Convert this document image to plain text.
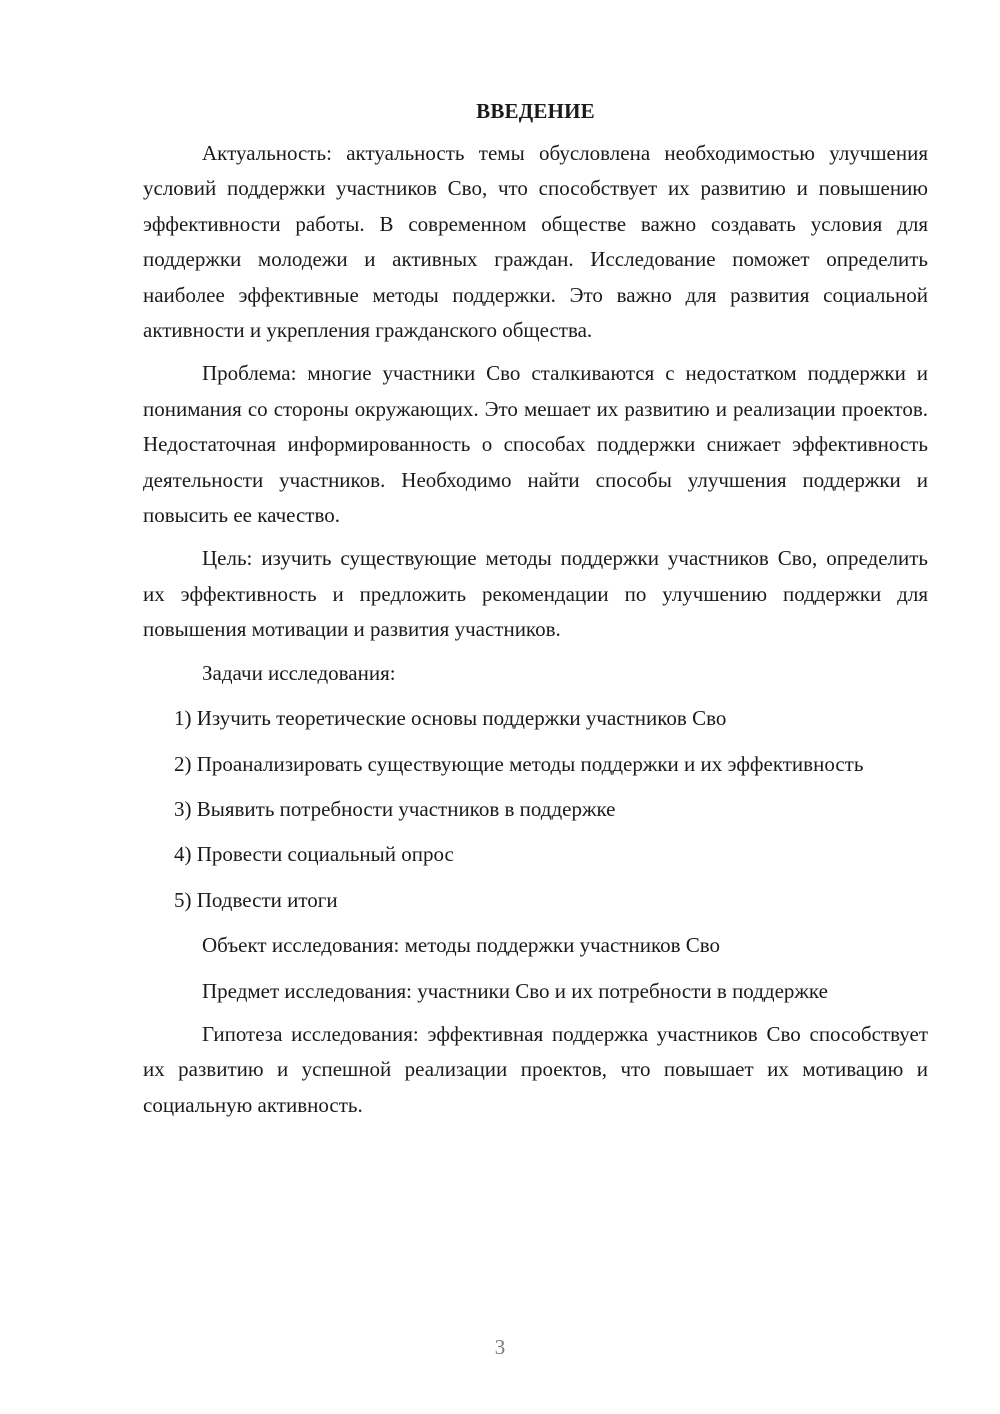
ВВЕДЕНИЕ

Актуальность: актуальность темы обусловлена необходимостью улучшения условий поддержки участников Сво, что способствует их развитию и повышению эффективности работы. В современном обществе важно создавать условия для поддержки молодежи и активных граждан. Исследование поможет определить наиболее эффективные методы поддержки. Это важно для развития социальной активности и укрепления гражданского общества.

Проблема: многие участники Сво сталкиваются с недостатком поддержки и понимания со стороны окружающих. Это мешает их развитию и реализации проектов. Недостаточная информированность о способах поддержки снижает эффективность деятельности участников. Необходимо найти способы улучшения поддержки и повысить ее качество.

Цель: изучить существующие методы поддержки участников Сво, определить их эффективность и предложить рекомендации по улучшению поддержки для повышения мотивации и развития участников.

Задачи исследования:

1) Изучить теоретические основы поддержки участников Сво

2) Проанализировать существующие методы поддержки и их эффективность

3) Выявить потребности участников в поддержке

4) Провести социальный опрос

5) Подвести итоги

Объект исследования: методы поддержки участников Сво

Предмет исследования: участники Сво и их потребности в поддержке

Гипотеза исследования: эффективная поддержка участников Сво способствует их развитию и успешной реализации проектов, что повышает их мотивацию и социальную активность.

3
